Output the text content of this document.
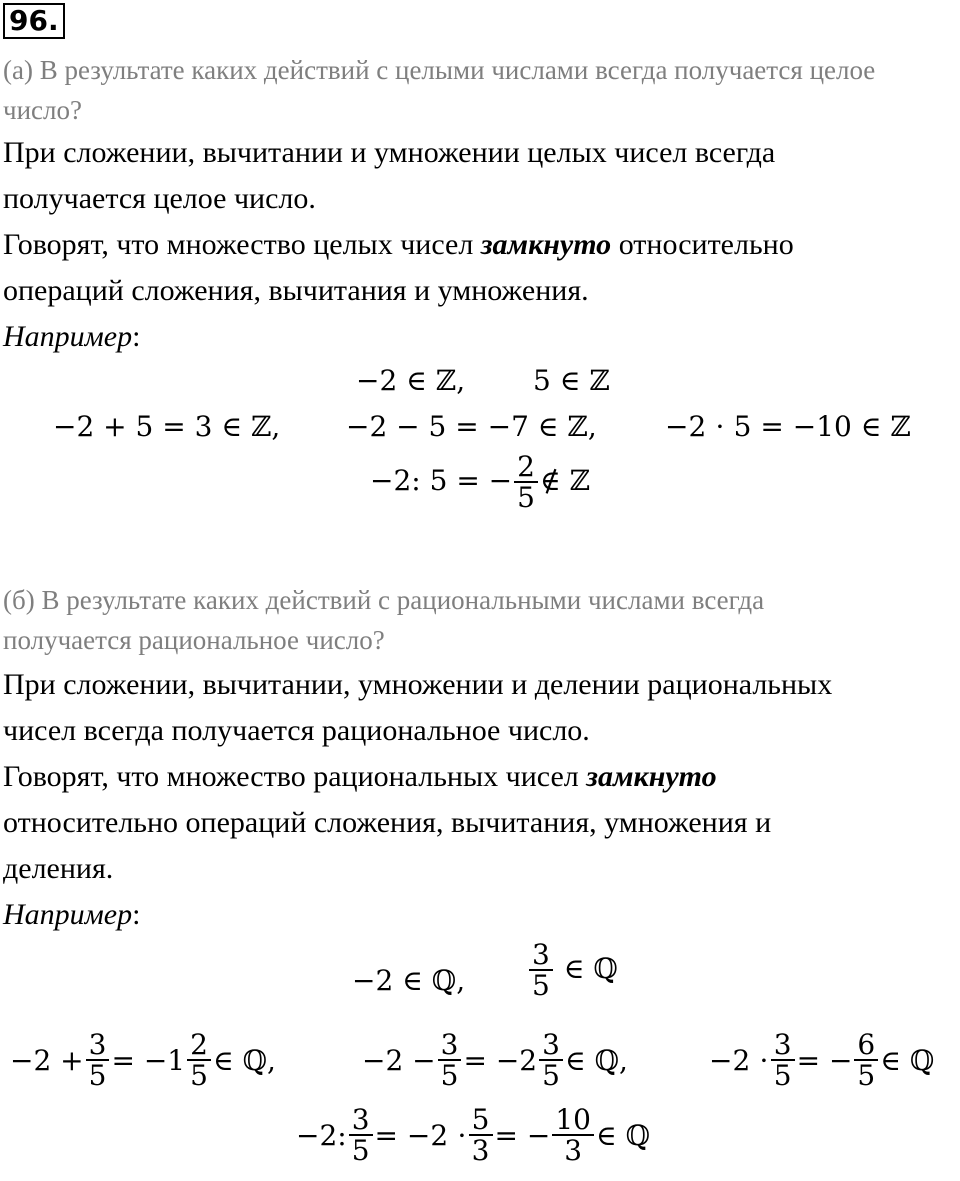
96.
(а) В результате каких действий с целыми числами всегда получается целое
число?
При сложении, вычитании и умножении целых чисел всегда
получается целое число.
Говорят, что множество целых чисел замкнуто относительно
операций сложения, вычитания и умножения.
Например:
−2 ∈ ℤ, 5 ∈ ℤ
−2 + 5 = 3 ∈ ℤ, −2 − 5 = −7 ∈ ℤ, −2 ⋅ 5 = −10 ∈ ℤ
−2: 5 = − $\frac{2}{5}$ ∉ ℤ
(б) В результате каких действий с рациональными числами всегда
получается рациональное число?
При сложении, вычитании, умножении и делении рациональных
чисел всегда получается рациональное число.
Говорят, что множество рациональных чисел замкнуто
относительно операций сложения, вычитания, умножения и
деления.
Например:
−2 ∈ ℚ, $\frac{3}{5}$ ∈ ℚ
$-2 + \frac{3}{5} = -1 \frac{2}{5}$ ∈ ℚ,	$-2 - \frac{3}{5} = -2 \frac{3}{5}$ ∈ ℚ,	$-2 \cdot \frac{3}{5}$ = − $\frac{6}{5}$ ∈ ℚ
−2: $\frac{3}{5} = -2 \cdot \frac{5}{3}$ = − $\frac{10}{3}$ ∈ ℚ
